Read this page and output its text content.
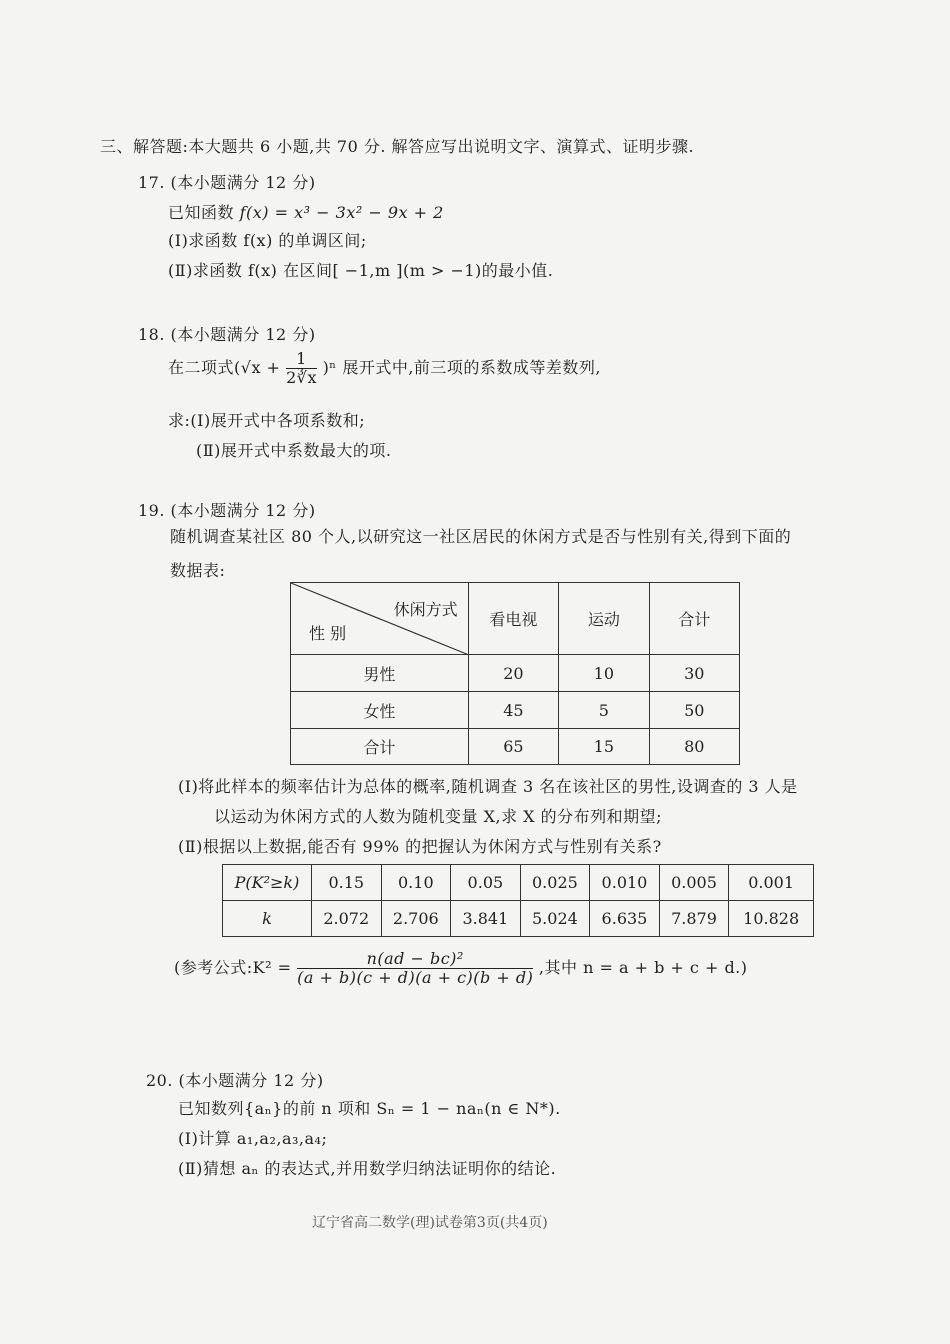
三、解答题:本大题共 6 小题,共 70 分. 解答应写出说明文字、演算式、证明步骤.
17. (本小题满分 12 分)
已知函数 f(x) = x³ − 3x² − 9x + 2
(Ⅰ)求函数 f(x) 的单调区间;
(Ⅱ)求函数 f(x) 在区间[ −1,m ](m > −1)的最小值.
18. (本小题满分 12 分)
在二项式$(√x + \frac{1}{2∛x} )^n$ 展开式中,前三项的系数成等差数列,
求:(Ⅰ)展开式中各项系数和;
(Ⅱ)展开式中系数最大的项.
19. (本小题满分 12 分)
随机调查某社区 80 个人,以研究这一社区居民的休闲方式是否与性别有关,得到下面的
数据表:
休闲方式
性 别	看电视	运动	合计
男性	20	10	30
女性	45	5	50
合计	65	15	80
(Ⅰ)将此样本的频率估计为总体的概率,随机调查 3 名在该社区的男性,设调查的 3 人是
以运动为休闲方式的人数为随机变量 X,求 X 的分布列和期望;
(Ⅱ)根据以上数据,能否有 99% 的把握认为休闲方式与性别有关系?
P(K²≥k)	0.15	0.10	0.05	0.025	0.010	0.005	0.001
k	2.072	2.706	3.841	5.024	6.635	7.879	10.828
(参考公式:K² = $\frac{\text{n(ad − bc)²}}{(a + b)(c + d)(a + c)(b + d)}$ ,其中 n = a + b + c + d.)
20. (本小题满分 12 分)
已知数列{aₙ}的前 n 项和 Sₙ = 1 − naₙ(n ∈ N*).
(Ⅰ)计算 a₁,a₂,a₃,a₄;
(Ⅱ)猜想 aₙ 的表达式,并用数学归纳法证明你的结论.
辽宁省高二数学(理)试卷第3页(共4页)
